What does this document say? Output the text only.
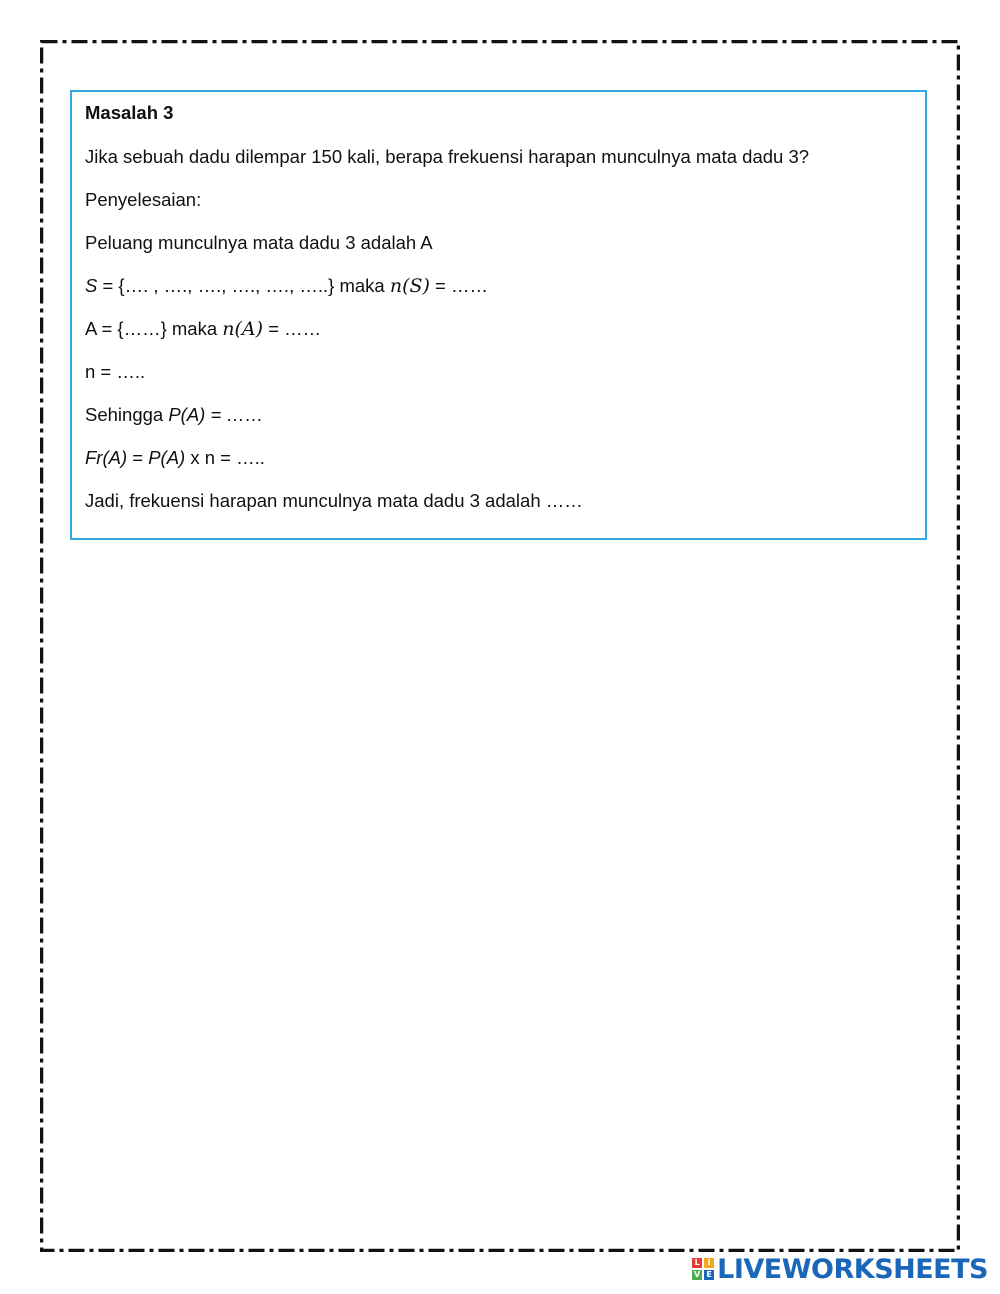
Masalah 3
Jika sebuah dadu dilempar 150 kali, berapa frekuensi harapan munculnya mata dadu 3?
Penyelesaian:
Peluang munculnya mata dadu 3 adalah A
S = {…. , …., …., …., …., …..} maka n(S) = ……
A = {……} maka n(A) = ……
n = …..
Sehingga P(A) = ……
Fr(A) = P(A) x n = …..
Jadi, frekuensi harapan munculnya mata dadu 3 adalah ……
L I
V E LIVEWORKSHEETS
